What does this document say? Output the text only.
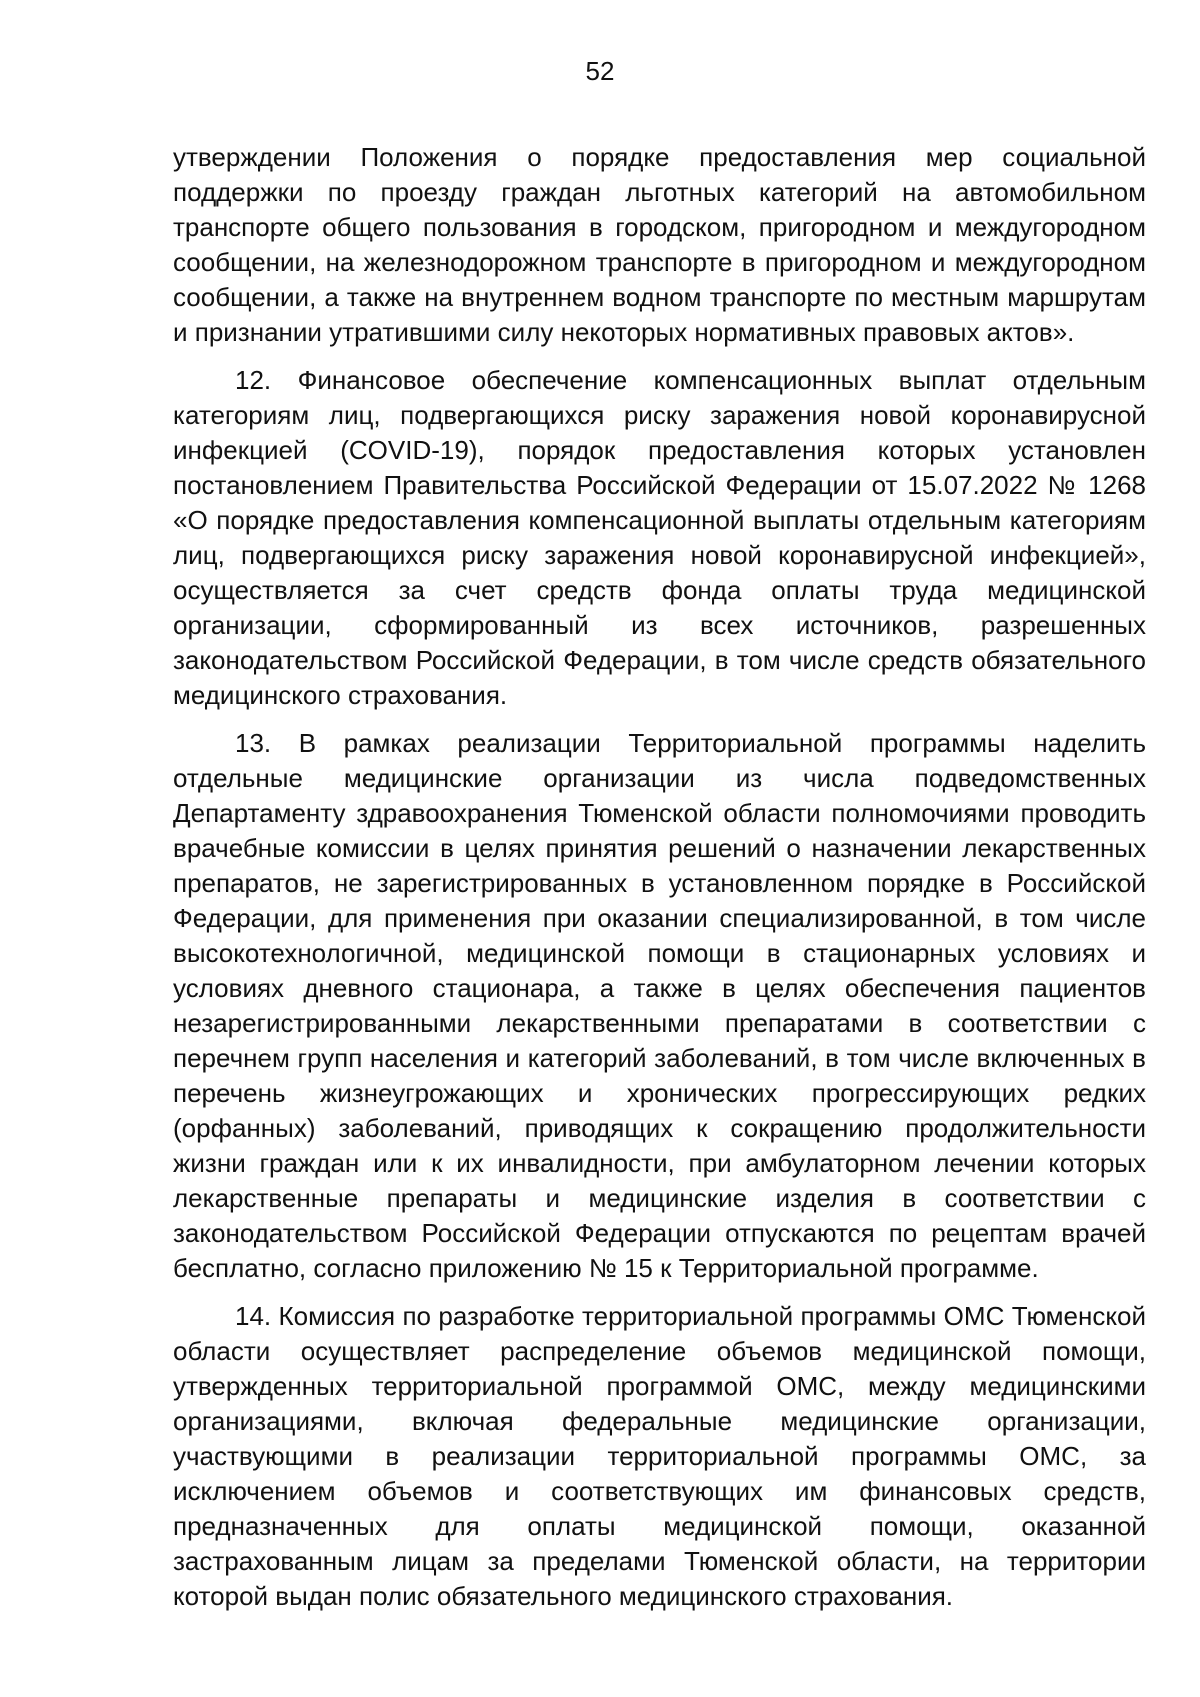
52

утверждении Положения о порядке предоставления мер социальной поддержки по проезду граждан льготных категорий на автомобильном транспорте общего пользования в городском, пригородном и междугородном сообщении, на железнодорожном транспорте в пригородном и междугородном сообщении, а также на внутреннем водном транспорте по местным маршрутам и признании утратившими силу некоторых нормативных правовых актов».

12. Финансовое обеспечение компенсационных выплат отдельным категориям лиц, подвергающихся риску заражения новой коронавирусной инфекцией (COVID-19), порядок предоставления которых установлен постановлением Правительства Российской Федерации от 15.07.2022 № 1268 «О порядке предоставления компенсационной выплаты отдельным категориям лиц, подвергающихся риску заражения новой коронавирусной инфекцией», осуществляется за счет средств фонда оплаты труда медицинской организации, сформированный из всех источников, разрешенных законодательством Российской Федерации, в том числе средств обязательного медицинского страхования.

13. В рамках реализации Территориальной программы наделить отдельные медицинские организации из числа подведомственных Департаменту здравоохранения Тюменской области полномочиями проводить врачебные комиссии в целях принятия решений о назначении лекарственных препаратов, не зарегистрированных в установленном порядке в Российской Федерации, для применения при оказании специализированной, в том числе высокотехнологичной, медицинской помощи в стационарных условиях и условиях дневного стационара, а также в целях обеспечения пациентов незарегистрированными лекарственными препаратами в соответствии с перечнем групп населения и категорий заболеваний, в том числе включенных в перечень жизнеугрожающих и хронических прогрессирующих редких (орфанных) заболеваний, приводящих к сокращению продолжительности жизни граждан или к их инвалидности, при амбулаторном лечении которых лекарственные препараты и медицинские изделия в соответствии с законодательством Российской Федерации отпускаются по рецептам врачей бесплатно, согласно приложению № 15 к Территориальной программе.

14. Комиссия по разработке территориальной программы ОМС Тюменской области осуществляет распределение объемов медицинской помощи, утвержденных территориальной программой ОМС, между медицинскими организациями, включая федеральные медицинские организации, участвующими в реализации территориальной программы ОМС, за исключением объемов и соответствующих им финансовых средств, предназначенных для оплаты медицинской помощи, оказанной застрахованным лицам за пределами Тюменской области, на территории которой выдан полис обязательного медицинского страхования.
